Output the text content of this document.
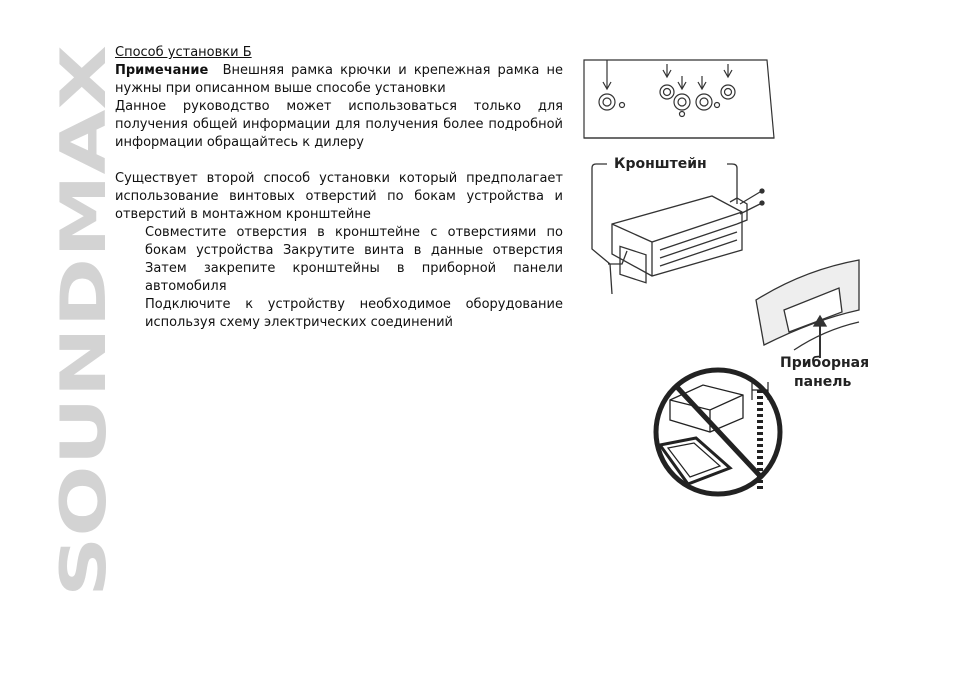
SOUNDMAX

Способ установки Б

Примечание Внешняя рамка крючки и крепежная рамка не нужны при описанном выше способе установки

Данное руководство может использоваться только для получения общей информации для получения более подробной информации обращайтесь к дилеру

Существует второй способ установки который предполагает использование винтовых отверстий по бокам устройства и отверстий в монтажном кронштейне

Совместите отверстия в кронштейне с отверстиями по бокам устройства Закрутите винта в данные отверстия Затем закрепите кронштейны в приборной панели автомобиля

Подключите к устройству необходимое оборудование используя схему электрических соединений

Кронштейн
Приборная
панель
